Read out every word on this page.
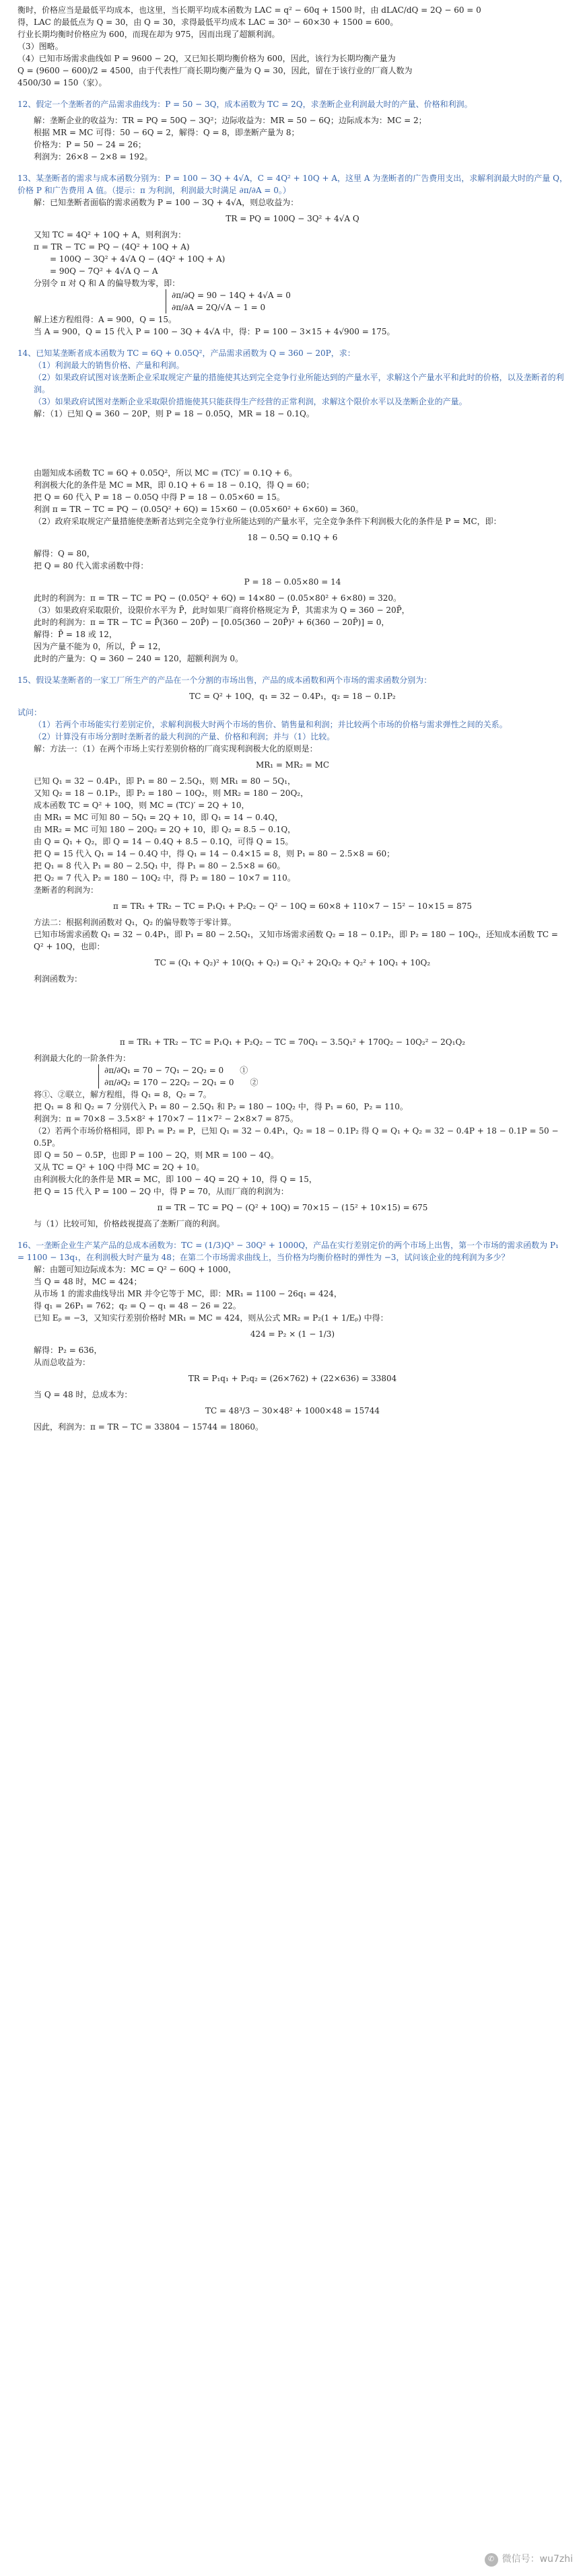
衡时，价格应当是最低平均成本，也这里，当长期平均成本函数为 LAC = q² − 60q + 1500 时，由 dLAC/dQ = 2Q − 60 = 0

得，LAC 的最低点为 Q = 30，由 Q = 30，求得最低平均成本 LAC = 30² − 60×30 + 1500 = 600。

行业长期均衡时价格应为 600，而现在却为 975，因而出现了超额利润。

（3）图略。

（4）已知市场需求曲线如 P = 9600 − 2Q，又已知长期均衡价格为 600，因此，该行为长期均衡产量为

Q = (9600 − 600)/2 = 4500，由于代表性厂商长期均衡产量为 Q = 30，因此，留在于该行业的厂商人数为

4500/30 = 150（家）。

12、假定一个垄断者的产品需求曲线为：P = 50 − 3Q，成本函数为 TC = 2Q，求垄断企业利润最大时的产量、价格和利润。

解：垄断企业的收益为：TR = PQ = 50Q − 3Q²；边际收益为：MR = 50 − 6Q；边际成本为：MC = 2；

根据 MR = MC 可得：50 − 6Q = 2，解得：Q = 8，即垄断产量为 8；

价格为：P = 50 − 24 = 26；

利润为：26×8 − 2×8 = 192。

13、某垄断者的需求与成本函数分别为：P = 100 − 3Q + 4√A，C = 4Q² + 10Q + A，这里 A 为垄断者的广告费用支出，求解利润最大时的产量 Q，价格 P 和广告费用 A 值。（提示：π 为利润，利润最大时满足 ∂π/∂A = 0。）

解：已知垄断者面临的需求函数为 P = 100 − 3Q + 4√A，则总收益为：

TR = PQ = 100Q − 3Q² + 4√A Q

又知 TC = 4Q² + 10Q + A，则利润为：

π = TR − TC = PQ − (4Q² + 10Q + A)

= 100Q − 3Q² + 4√A Q − (4Q² + 10Q + A)

= 90Q − 7Q² + 4√A Q − A

分别令 π 对 Q 和 A 的偏导数为零，即：

∂π/∂Q = 90 − 14Q + 4√A = 0

∂π/∂A = 2Q/√A − 1 = 0

解上述方程组得：A = 900，Q = 15。

当 A = 900，Q = 15 代入 P = 100 − 3Q + 4√A 中，得：P = 100 − 3×15 + 4√900 = 175。

14、已知某垄断者成本函数为 TC = 6Q + 0.05Q²，产品需求函数为 Q = 360 − 20P，求：

（1）利润最大的销售价格、产量和利润。

（2）如果政府试图对该垄断企业采取规定产量的措施使其达到完全竞争行业所能达到的产量水平，求解这个产量水平和此时的价格，以及垄断者的利润。

（3）如果政府试图对垄断企业采取限价措施使其只能获得生产经营的正常利润，求解这个限价水平以及垄断企业的产量。

解：（1）已知 Q = 360 − 20P，则 P = 18 − 0.05Q，MR = 18 − 0.1Q。

由题知成本函数 TC = 6Q + 0.05Q²，所以 MC = (TC)′ = 0.1Q + 6。

利润极大化的条件是 MC = MR，即 0.1Q + 6 = 18 − 0.1Q，得 Q = 60；

把 Q = 60 代入 P = 18 − 0.05Q 中得 P = 18 − 0.05×60 = 15。

利润 π = TR − TC = PQ − (0.05Q² + 6Q) = 15×60 − (0.05×60² + 6×60) = 360。

（2）政府采取规定产量措施使垄断者达到完全竞争行业所能达到的产量水平，完全竞争条件下利润极大化的条件是 P = MC，即：

18 − 0.5Q = 0.1Q + 6

解得：Q = 80，

把 Q = 80 代入需求函数中得：

P = 18 − 0.05×80 = 14

此时的利润为：π = TR − TC = PQ − (0.05Q² + 6Q) = 14×80 − (0.05×80² + 6×80) = 320。

（3）如果政府采取限价，设限价水平为 P̄，此时如果厂商将价格规定为 P̄，其需求为 Q = 360 − 20P̄，

此时的利润为：π = TR − TC = P̄(360 − 20P̄) − [0.05(360 − 20P̄)² + 6(360 − 20P̄)] = 0，

解得：P̄ = 18 或 12，

因为产量不能为 0，所以，P̄ = 12，

此时的产量为：Q = 360 − 240 = 120，超额利润为 0。

15、假设某垄断者的一家工厂所生产的产品在一个分割的市场出售，产品的成本函数和两个市场的需求函数分别为：

TC = Q² + 10Q，q₁ = 32 − 0.4P₁，q₂ = 18 − 0.1P₂

试问：

（1）若两个市场能实行差别定价，求解利润极大时两个市场的售价、销售量和利润；并比较两个市场的价格与需求弹性之间的关系。

（2）计算没有市场分割时垄断者的最大利润的产量、价格和利润；并与（1）比较。

解：方法一：（1）在两个市场上实行差别价格的厂商实现利润极大化的原则是：

MR₁ = MR₂ = MC

已知 Q₁ = 32 − 0.4P₁，即 P₁ = 80 − 2.5Q₁，则 MR₁ = 80 − 5Q₁，

又知 Q₂ = 18 − 0.1P₂，即 P₂ = 180 − 10Q₂，则 MR₂ = 180 − 20Q₂，

成本函数 TC = Q² + 10Q，则 MC = (TC)′ = 2Q + 10，

由 MR₁ = MC 可知 80 − 5Q₁ = 2Q + 10，即 Q₁ = 14 − 0.4Q，

由 MR₂ = MC 可知 180 − 20Q₂ = 2Q + 10，即 Q₂ = 8.5 − 0.1Q，

由 Q = Q₁ + Q₂，即 Q = 14 − 0.4Q + 8.5 − 0.1Q，可得 Q = 15。

把 Q = 15 代入 Q₁ = 14 − 0.4Q 中，得 Q₁ = 14 − 0.4×15 = 8，则 P₁ = 80 − 2.5×8 = 60；

把 Q₁ = 8 代入 P₁ = 80 − 2.5Q₁ 中，得 P₁ = 80 − 2.5×8 = 60。

把 Q₂ = 7 代入 P₂ = 180 − 10Q₂ 中，得 P₂ = 180 − 10×7 = 110。

垄断者的利润为：

π = TR₁ + TR₂ − TC = P₁Q₁ + P₂Q₂ − Q² − 10Q = 60×8 + 110×7 − 15² − 10×15 = 875

方法二：根据利润函数对 Q₁，Q₂ 的偏导数等于零计算。

已知市场需求函数 Q₁ = 32 − 0.4P₁，即 P₁ = 80 − 2.5Q₁，又知市场需求函数 Q₂ = 18 − 0.1P₂，即 P₂ = 180 − 10Q₂，还知成本函数 TC = Q² + 10Q，也即：

TC = (Q₁ + Q₂)² + 10(Q₁ + Q₂) = Q₁² + 2Q₁Q₂ + Q₂² + 10Q₁ + 10Q₂

利润函数为：

π = TR₁ + TR₂ − TC = P₁Q₁ + P₂Q₂ − TC = 70Q₁ − 3.5Q₁² + 170Q₂ − 10Q₂² − 2Q₁Q₂

利润最大化的一阶条件为：

∂π/∂Q₁ = 70 − 7Q₁ − 2Q₂ = 0　　①

∂π/∂Q₂ = 170 − 22Q₂ − 2Q₁ = 0　　②

将①、②联立，解方程组，得 Q₁ = 8，Q₂ = 7。

把 Q₁ = 8 和 Q₂ = 7 分别代入 P₁ = 80 − 2.5Q₁ 和 P₂ = 180 − 10Q₂ 中，得 P₁ = 60，P₂ = 110。

利润为：π = 70×8 − 3.5×8² + 170×7 − 11×7² − 2×8×7 = 875。

（2）若两个市场价格相同，即 P₁ = P₂ = P，已知 Q₁ = 32 − 0.4P₁，Q₂ = 18 − 0.1P₂ 得 Q = Q₁ + Q₂ = 32 − 0.4P + 18 − 0.1P = 50 − 0.5P。

即 Q = 50 − 0.5P，也即 P = 100 − 2Q，则 MR = 100 − 4Q。

又从 TC = Q² + 10Q 中得 MC = 2Q + 10。

由利润极大化的条件是 MR = MC，即 100 − 4Q = 2Q + 10，得 Q = 15，

把 Q = 15 代入 P = 100 − 2Q 中，得 P = 70，从而厂商的利润为：

π = TR − TC = PQ − (Q² + 10Q) = 70×15 − (15² + 10×15) = 675

与（1）比较可知，价格歧视提高了垄断厂商的利润。

16、一垄断企业生产某产品的总成本函数为：TC = (1/3)Q³ − 30Q² + 1000Q，产品在实行差别定价的两个市场上出售，第一个市场的需求函数为 P₁ = 1100 − 13q₁，在利润极大时产量为 48；在第二个市场需求曲线上，当价格为均衡价格时的弹性为 −3，试问该企业的纯利润为多少？

解：由题可知边际成本为：MC = Q² − 60Q + 1000，

当 Q = 48 时，MC = 424；

从市场 1 的需求曲线导出 MR 并令它等于 MC，即：MR₁ = 1100 − 26q₁ = 424，

得 q₁ = 26P₁ = 762；q₂ = Q − q₁ = 48 − 26 = 22。

已知 Eₚ = −3，又知实行差别价格时 MR₁ = MC = 424，则从公式 MR₂ = P₂(1 + 1/Eₚ) 中得：

424 = P₂ × (1 − 1/3)

解得：P₂ = 636，

从而总收益为：

TR = P₁q₁ + P₂q₂ = (26×762) + (22×636) = 33804

当 Q = 48 时，总成本为：

TC = 48³/3 − 30×48² + 1000×48 = 15744

因此，利润为：π = TR − TC = 33804 − 15744 = 18060。

✆ 微信号：wu7zhi
